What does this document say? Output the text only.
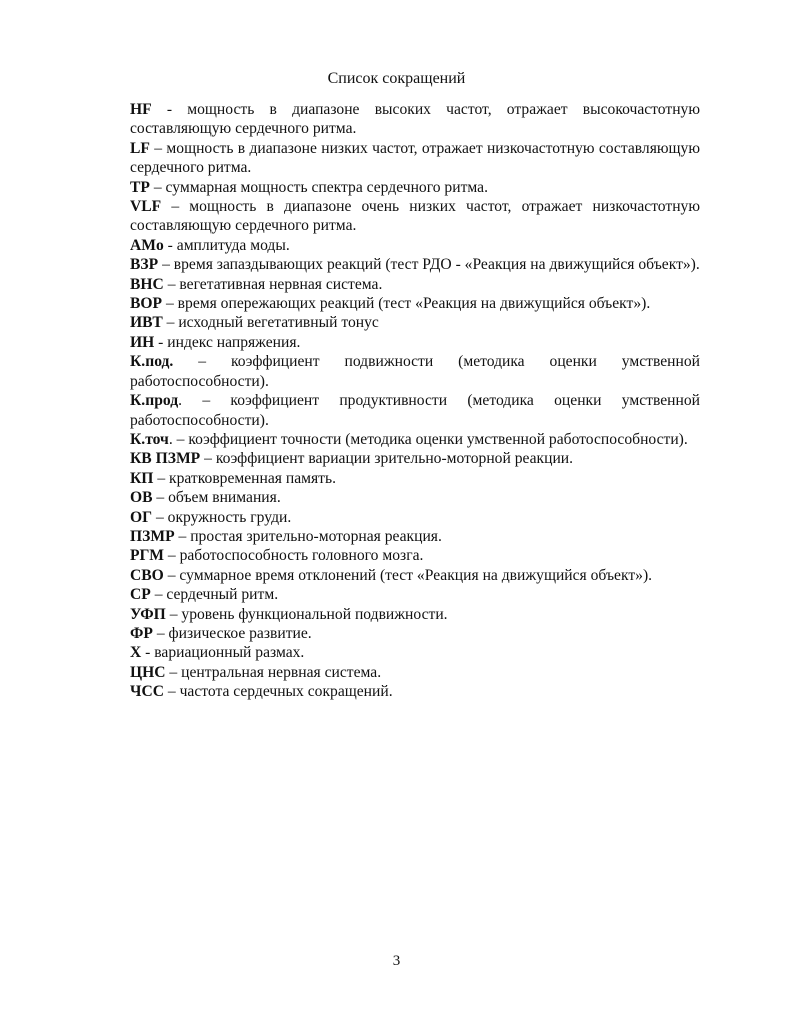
Список сокращений
HF - мощность в диапазоне высоких частот, отражает высокочастотную составляющую сердечного ритма.
LF – мощность в диапазоне низких частот, отражает низкочастотную составляющую сердечного ритма.
TP – суммарная мощность спектра сердечного ритма.
VLF – мощность в диапазоне очень низких частот, отражает низкочастотную составляющую сердечного ритма.
AMo - амплитуда моды.
ВЗР – время запаздывающих реакций (тест РДО - «Реакция на движущийся объект»).
ВНС – вегетативная нервная система.
ВОР – время опережающих реакций (тест «Реакция на движущийся объект»).
ИВТ – исходный вегетативный тонус
ИН - индекс напряжения.
К.под. – коэффициент подвижности (методика оценки умственной работоспособности).
К.прод. – коэффициент продуктивности (методика оценки умственной работоспособности).
К.точ. – коэффициент точности (методика оценки умственной работоспособности).
КВ ПЗМР – коэффициент вариации зрительно-моторной реакции.
КП – кратковременная память.
ОВ – объем внимания.
ОГ – окружность груди.
ПЗМР – простая зрительно-моторная реакция.
РГМ – работоспособность головного мозга.
СВО – суммарное время отклонений (тест «Реакция на движущийся объект»).
СР – сердечный ритм.
УФП – уровень функциональной подвижности.
ФР – физическое развитие.
X - вариационный размах.
ЦНС – центральная нервная система.
ЧСС – частота сердечных сокращений.
3
